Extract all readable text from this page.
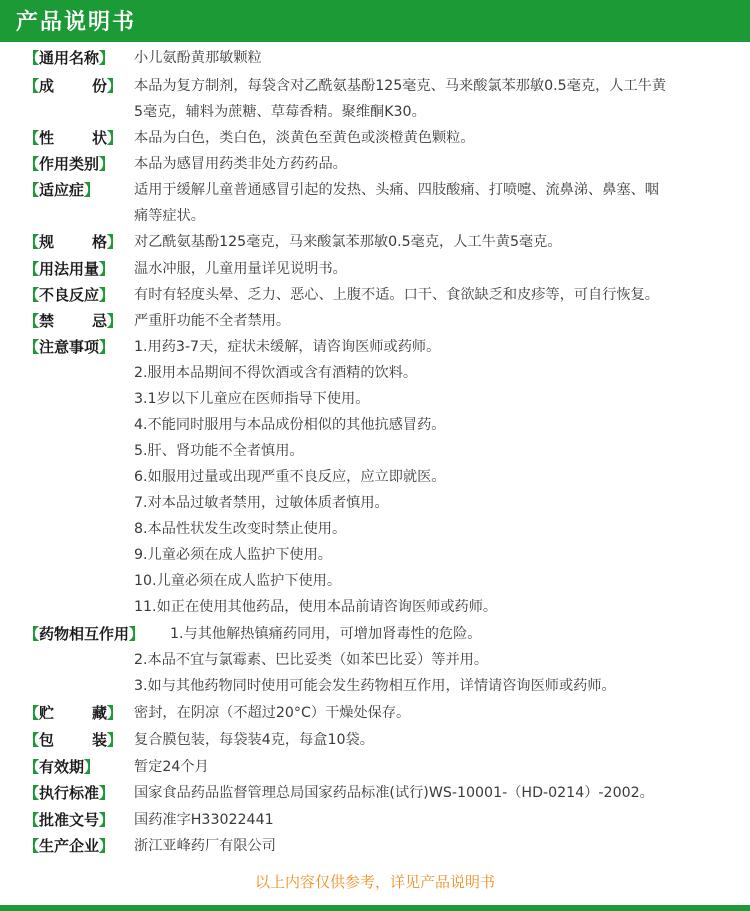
产品说明书
【 通用名称 】 小儿氨酚黄那敏颗粒
【 成	份 】 本品为复方制剂，每袋含对乙酰氨基酚125毫克、马来酸氯苯那敏0.5毫克，人工牛黄
5毫克，辅料为蔗糖、草莓香精。聚维酮K30。
【 性	状 】 本品为白色，类白色，淡黄色至黄色或淡橙黄色颗粒。
【 作用类别 】 本品为感冒用药类非处方药药品。
【 适应症 】 适用于缓解儿童普通感冒引起的发热、头痛、四肢酸痛、打喷嚏、流鼻涕、鼻塞、咽
痛等症状。
【 规	格 】 对乙酰氨基酚125毫克，马来酸氯苯那敏0.5毫克，人工牛黄5毫克。
【 用法用量 】 温水冲服，儿童用量详见说明书。
【 不良反应 】 有时有轻度头晕、乏力、恶心、上腹不适。口干、食欲缺乏和皮疹等，可自行恢复。
【 禁	忌 】 严重肝功能不全者禁用。
【 注意事项 】 1.用药3-7天，症状未缓解，请咨询医师或药师。
2.服用本品期间不得饮酒或含有酒精的饮料。
3.1岁以下儿童应在医师指导下使用。
4.不能同时服用与本品成份相似的其他抗感冒药。
5.肝、肾功能不全者慎用。
6.如服用过量或出现严重不良反应，应立即就医。
7.对本品过敏者禁用，过敏体质者慎用。
8.本品性状发生改变时禁止使用。
9.儿童必须在成人监护下使用。
10.儿童必须在成人监护下使用。
11.如正在使用其他药品，使用本品前请咨询医师或药师。
【 药物相互作用 】 1.与其他解热镇痛药同用，可增加肾毒性的危险。
2.本品不宜与氯霉素、巴比妥类（如苯巴比妥）等并用。
3.如与其他药物同时使用可能会发生药物相互作用，详情请咨询医师或药师。
【 贮	藏 】 密封，在阴凉（不超过20°C）干燥处保存。
【 包	装 】 复合膜包装，每袋装4克，每盒10袋。
【 有效期 】 暂定24个月
【 执行标准 】 国家食品药品监督管理总局国家药品标准(试行)WS-10001-（HD-0214）-2002。
【 批准文号 】 国药准字H33022441
【 生产企业 】 浙江亚峰药厂有限公司
以上内容仅供参考，详见产品说明书
